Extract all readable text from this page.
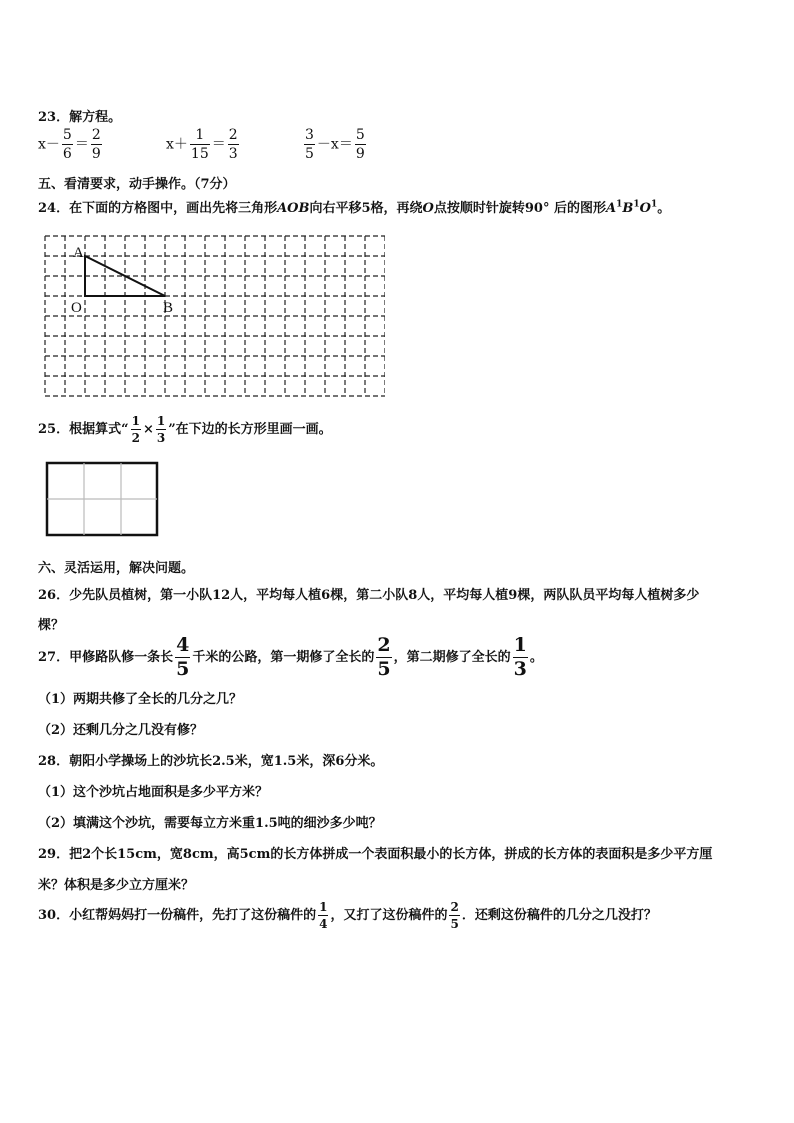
23．解方程。
$x- \frac{5}{6} = \frac{2}{9}$	$x+ \frac{1}{15} = \frac{2}{3}$	$\frac{3}{5} -x= \frac{5}{9}$
五、看清要求，动手操作。（7分）
24．在下面的方格图中，画出先将三角形AOB向右平移5格，再绕O点按顺时针旋转90° 后的图形$A^1B^1O^1$。
A
O	B
25．根据算式“ $\frac{1}{2} \times \frac{1}{3}$ ”在下边的长方形里画一画。
六、灵活运用，解决问题。
26．少先队员植树，第一小队12人，平均每人植6棵，第二小队8人，平均每人植9棵，两队队员平均每人植树多少
棵？
27．甲修路队修一条长 $\frac{4}{5}$ 千米的公路，第一期修了全长的 $\frac{2}{5}$ ，第二期修了全长的 $\frac{1}{3}$ 。
（1）两期共修了全长的几分之几？
（2）还剩几分之几没有修？
28．朝阳小学操场上的沙坑长2.5米，宽1.5米，深6分米。
（1）这个沙坑占地面积是多少平方米？
（2）填满这个沙坑，需要每立方米重1.5吨的细沙多少吨？
29．把2个长15cm，宽8cm，高5cm的长方体拼成一个表面积最小的长方体，拼成的长方体的表面积是多少平方厘
米？体积是多少立方厘米？
30．小红帮妈妈打一份稿件，先打了这份稿件的 $\frac{1}{4}$ ，又打了这份稿件的 $\frac{2}{5}$ ．还剩这份稿件的几分之几没打？
